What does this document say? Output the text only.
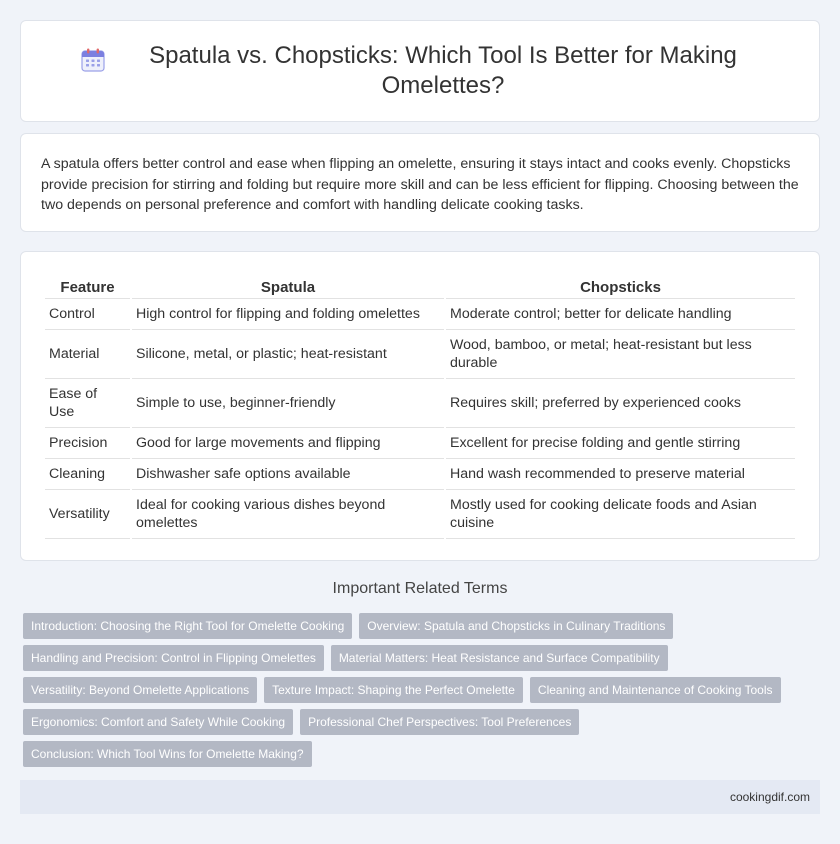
Spatula vs. Chopsticks: Which Tool Is Better for Making Omelettes?

A spatula offers better control and ease when flipping an omelette, ensuring it stays intact and cooks evenly. Chopsticks provide precision for stirring and folding but require more skill and can be less efficient for flipping. Choosing between the two depends on personal preference and comfort with handling delicate cooking tasks.

Feature	Spatula	Chopsticks
Control	High control for flipping and folding omelettes	Moderate control; better for delicate handling
Material	Silicone, metal, or plastic; heat-resistant	Wood, bamboo, or metal; heat-resistant but less durable
Ease of Use	Simple to use, beginner-friendly	Requires skill; preferred by experienced cooks
Precision	Good for large movements and flipping	Excellent for precise folding and gentle stirring
Cleaning	Dishwasher safe options available	Hand wash recommended to preserve material
Versatility	Ideal for cooking various dishes beyond omelettes	Mostly used for cooking delicate foods and Asian cuisine
Important Related Terms
Introduction: Choosing the Right Tool for Omelette Cooking	Overview: Spatula and Chopsticks in Culinary Traditions
Handling and Precision: Control in Flipping Omelettes	Material Matters: Heat Resistance and Surface Compatibility
Versatility: Beyond Omelette Applications	Texture Impact: Shaping the Perfect Omelette	Cleaning and Maintenance of Cooking Tools
Ergonomics: Comfort and Safety While Cooking	Professional Chef Perspectives: Tool Preferences
Conclusion: Which Tool Wins for Omelette Making?
cookingdif.com
